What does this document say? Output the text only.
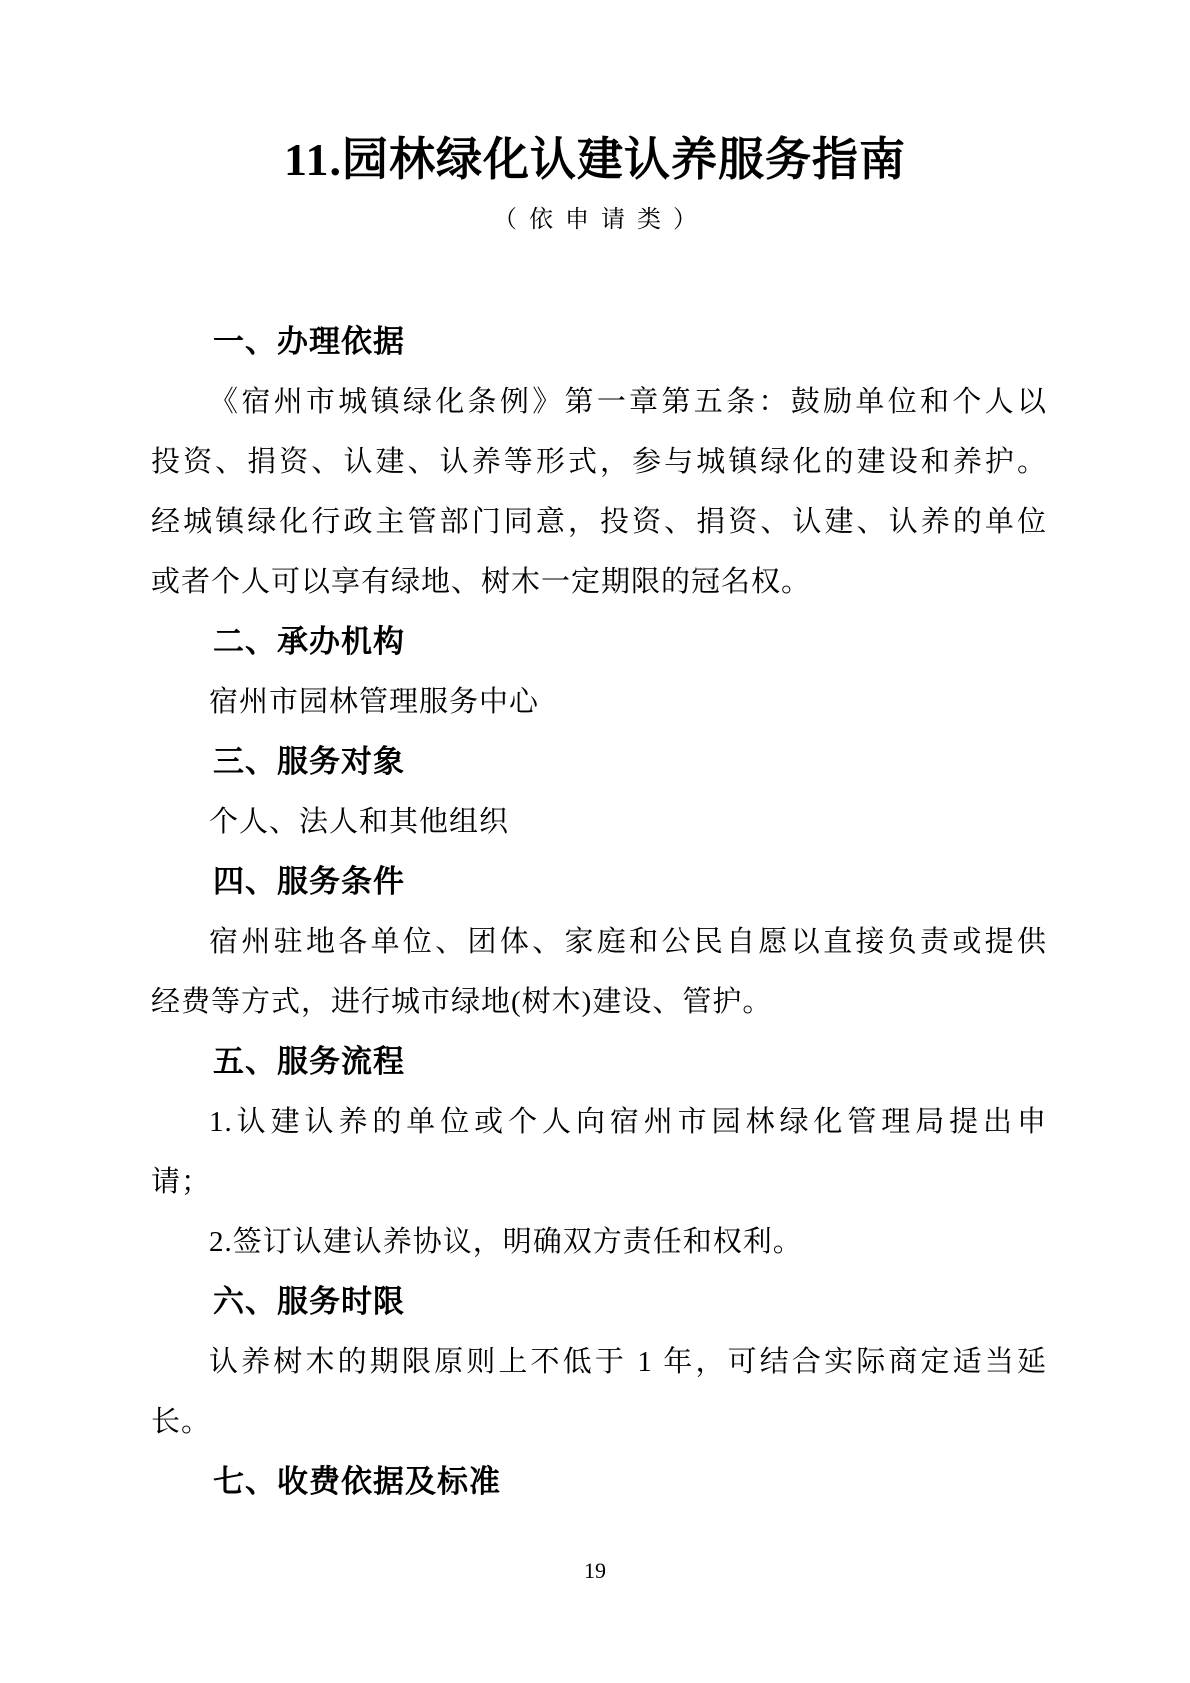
11.园林绿化认建认养服务指南
（依申请类）
一、办理依据

《宿州市城镇绿化条例》第一章第五条：鼓励单位和个人以

投资、捐资、认建、认养等形式，参与城镇绿化的建设和养护。

经城镇绿化行政主管部门同意，投资、捐资、认建、认养的单位

或者个人可以享有绿地、树木一定期限的冠名权。

二、承办机构

宿州市园林管理服务中心

三、服务对象

个人、法人和其他组织

四、服务条件

宿州驻地各单位、团体、家庭和公民自愿以直接负责或提供

经费等方式，进行城市绿地(树木)建设、管护。

五、服务流程

1.认建认养的单位或个人向宿州市园林绿化管理局提出申

请；

2.签订认建认养协议，明确双方责任和权利。

六、服务时限

认养树木的期限原则上不低于 1 年，可结合实际商定适当延

长。

七、收费依据及标准
19
